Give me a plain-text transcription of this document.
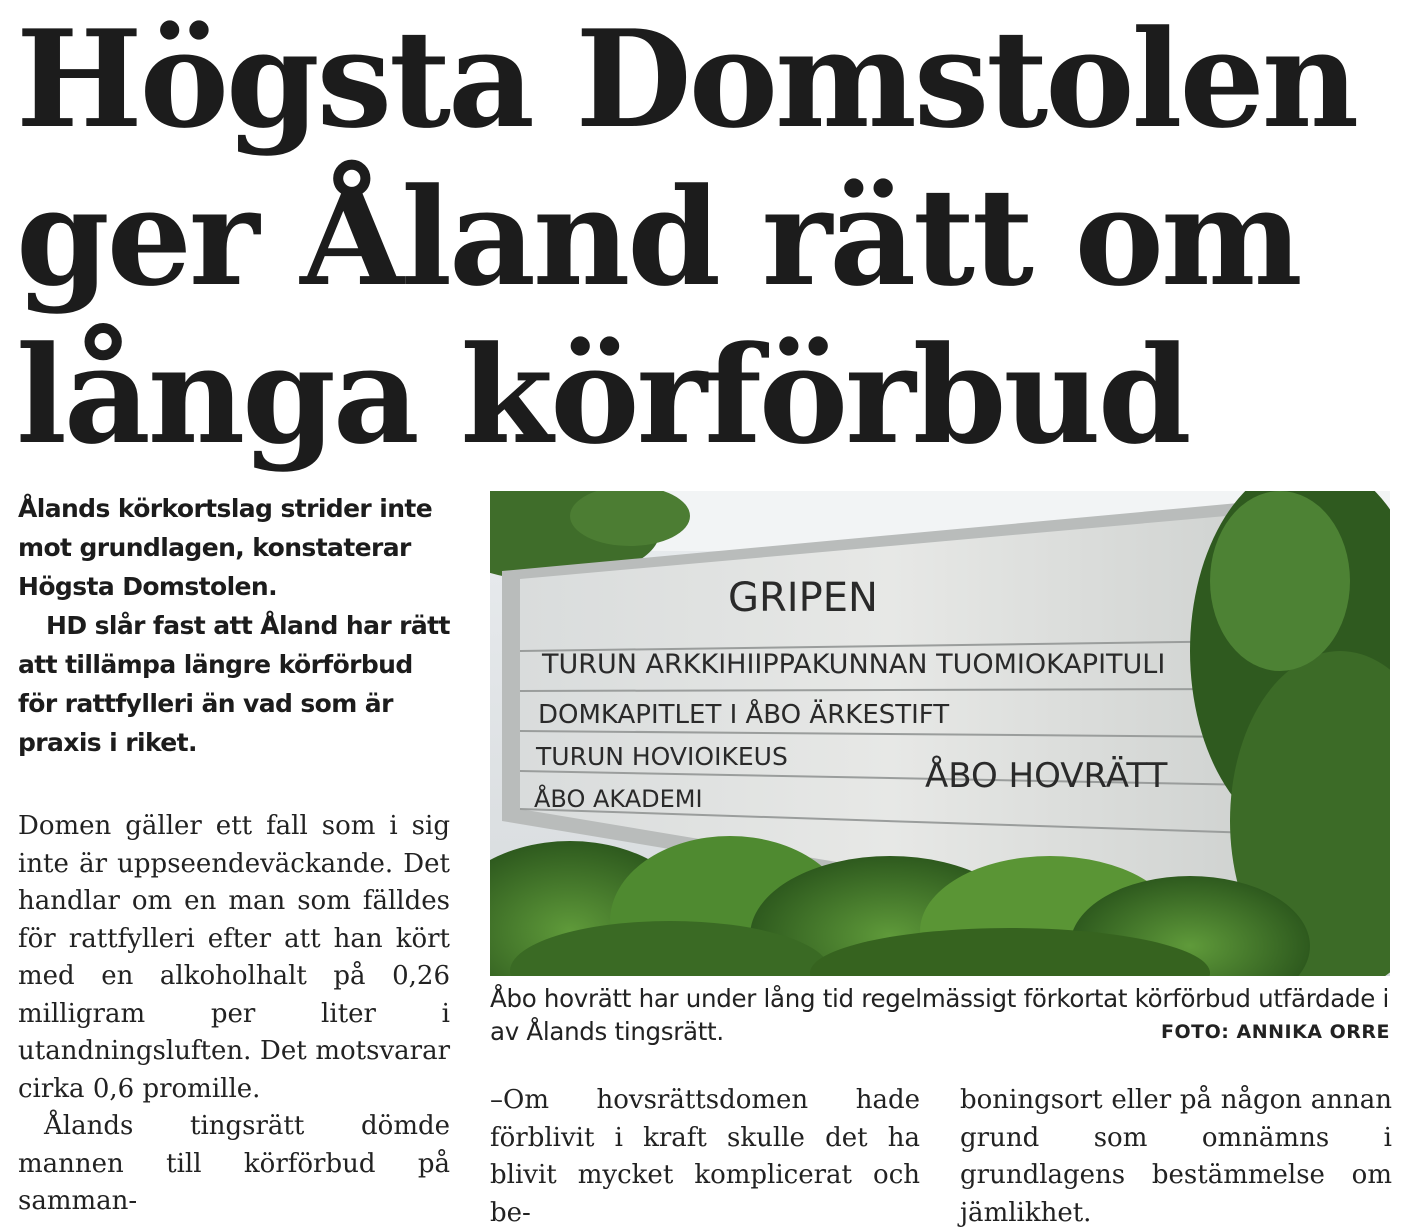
Högsta Domstolen
ger Åland rätt om
långa körförbud

Ålands körkortslag strider inte mot grundlagen, konstaterar Högsta Domstolen.

HD slår fast att Åland har rätt att tillämpa längre körförbud för rattfylleri än vad som är praxis i riket.

Domen gäller ett fall som i sig inte är uppseendeväckande. Det handlar om en man som fälldes för rattfylleri efter att han kört med en alkoholhalt på 0,26 milligram per liter i utandningsluften. Det motsvarar cirka 0,6 promille.

Ålands tingsrätt dömde mannen till körförbud på samman-

GRIPEN
TURUN ARKKIHIIPPAKUNNAN TUOMIOKAPITULI
DOMKAPITLET I ÅBO ÄRKESTIFT
TURUN HOVIOIKEUS	ÅBO HOVRÄTT
ÅBO AKADEMI
Åbo hovrätt har under lång tid regelmässigt förkortat körförbud utfärdade i av Ålands tingsrätt.	FOTO: ANNIKA ORRE

–Om hovsrättsdomen hade förblivit i kraft skulle det ha blivit mycket komplicerat och be-

boningsort eller på någon annan grund som omnämns i grundlagens bestämmelse om jämlikhet.
